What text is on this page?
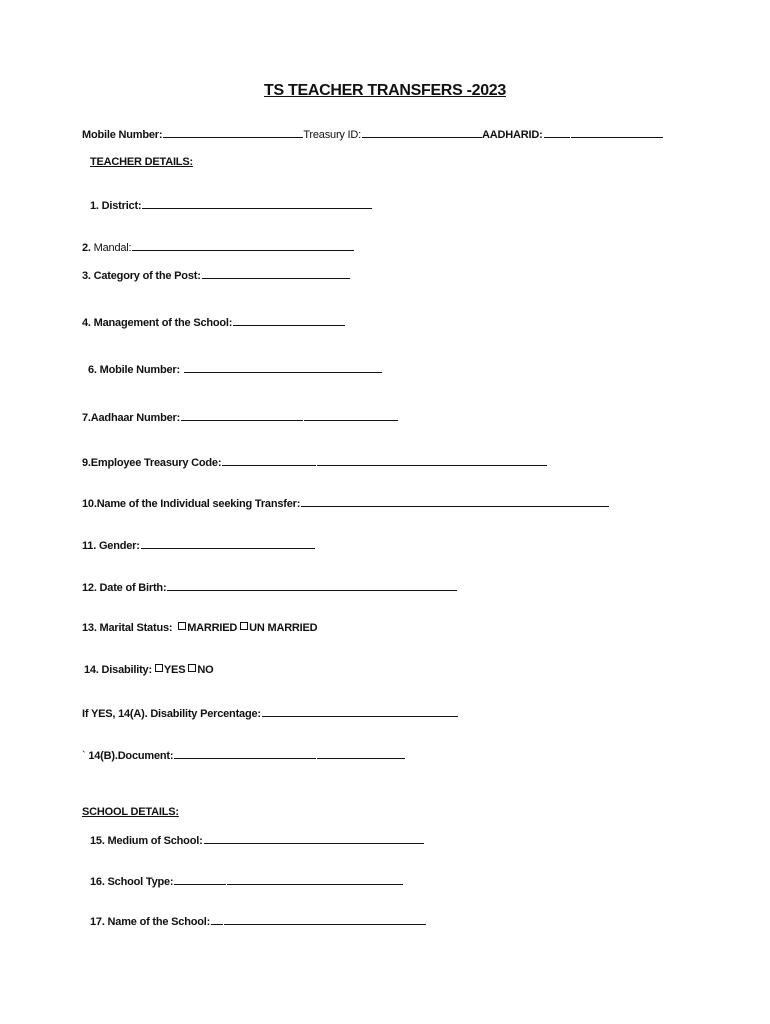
TS TEACHER TRANSFERS -2023
Mobile Number:	Treasury ID:	AADHARID:
TEACHER DETAILS:
1. District:
2. Mandal:
3. Category of the Post:
4. Management of the School:
6. Mobile Number:
7.Aadhaar Number:
9.Employee Treasury Code:
10.Name of the Individual seeking Transfer:
11. Gender:
12. Date of Birth:
13. Marital Status: MARRIED UN MARRIED
14. Disability: YES NO
If YES, 14(A). Disability Percentage:
` 14(B).Document:
SCHOOL DETAILS:
15. Medium of School:
16. School Type:
17. Name of the School:
